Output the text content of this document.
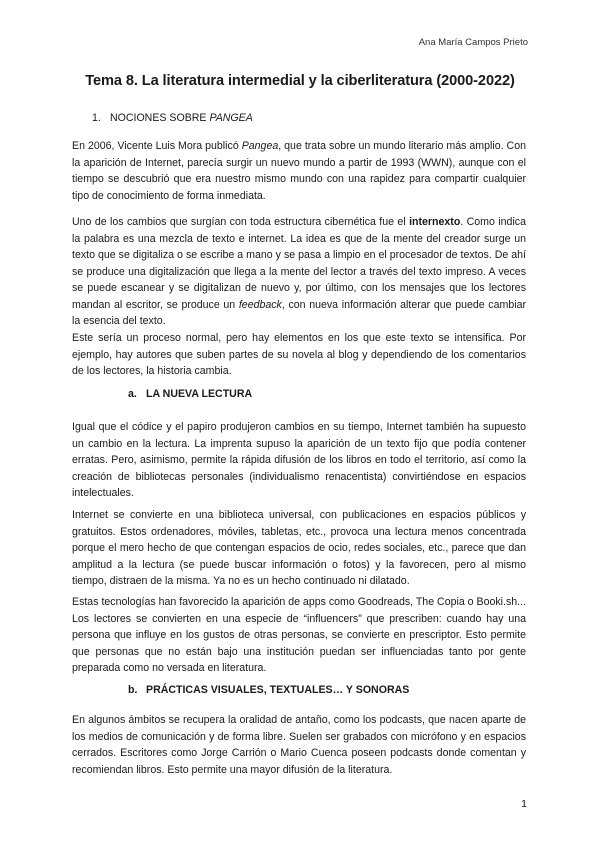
Ana María Campos Prieto
Tema 8. La literatura intermedial y la ciberliteratura (2000-2022)
1. NOCIONES SOBRE PANGEA

En 2006, Vicente Luis Mora publicó Pangea, que trata sobre un mundo literario más amplio. Con la aparición de Internet, parecía surgir un nuevo mundo a partir de 1993 (WWN), aunque con el tiempo se descubrió que era nuestro mismo mundo con una rapidez para compartir cualquier tipo de conocimiento de forma inmediata.

Uno de los cambios que surgían con toda estructura cibernética fue el internexto. Como indica la palabra es una mezcla de texto e internet. La idea es que de la mente del creador surge un texto que se digitaliza o se escribe a mano y se pasa a limpio en el procesador de textos. De ahí se produce una digitalización que llega a la mente del lector a través del texto impreso. A veces se puede escanear y se digitalizan de nuevo y, por último, con los mensajes que los lectores mandan al escritor, se produce un feedback, con nueva información alterar que puede cambiar la esencia del texto.

Este sería un proceso normal, pero hay elementos en los que este texto se intensifica. Por ejemplo, hay autores que suben partes de su novela al blog y dependiendo de los comentarios de los lectores, la historia cambia.

a. LA NUEVA LECTURA

Igual que el códice y el papiro produjeron cambios en su tiempo, Internet también ha supuesto un cambio en la lectura. La imprenta supuso la aparición de un texto fijo que podía contener erratas. Pero, asimismo, permite la rápida difusión de los libros en todo el territorio, así como la creación de bibliotecas personales (individualismo renacentista) convirtiéndose en espacios intelectuales.

Internet se convierte en una biblioteca universal, con publicaciones en espacios públicos y gratuitos. Estos ordenadores, móviles, tabletas, etc., provoca una lectura menos concentrada porque el mero hecho de que contengan espacios de ocio, redes sociales, etc., parece que dan amplitud a la lectura (se puede buscar información o fotos) y la favorecen, pero al mismo tiempo, distraen de la misma. Ya no es un hecho continuado ni dilatado.

Estas tecnologías han favorecido la aparición de apps como Goodreads, The Copia o Booki.sh... Los lectores se convierten en una especie de “influencers” que prescriben: cuando hay una persona que influye en los gustos de otras personas, se convierte en prescriptor. Esto permite que personas que no están bajo una institución puedan ser influenciadas tanto por gente preparada como no versada en literatura.

b. PRÁCTICAS VISUALES, TEXTUALES… Y SONORAS

En algunos ámbitos se recupera la oralidad de antaño, como los podcasts, que nacen aparte de los medios de comunicación y de forma libre. Suelen ser grabados con micrófono y en espacios cerrados. Escritores como Jorge Carrión o Mario Cuenca poseen podcasts donde comentan y recomiendan libros. Esto permite una mayor difusión de la literatura.

1
